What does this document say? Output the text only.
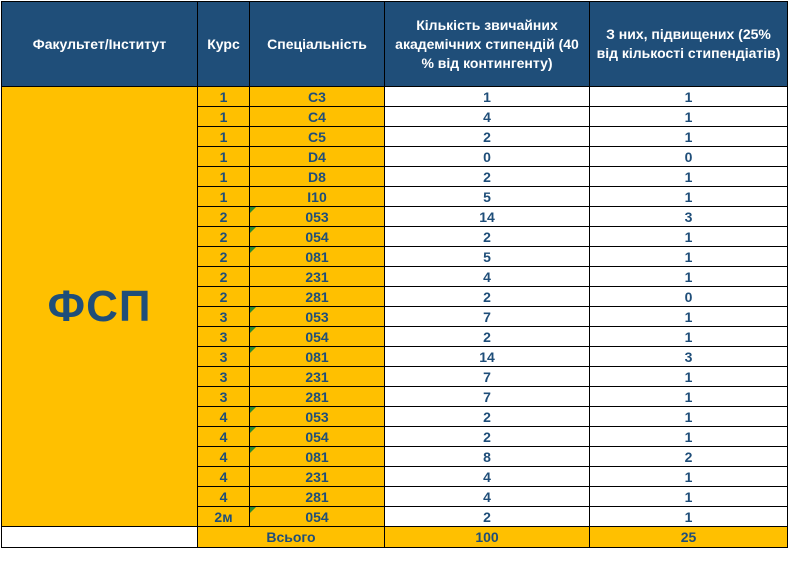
Факультет/Інститут	Курс	Спеціальність	Кількість звичайних академічних стипендій (40 % від контингенту)	З них, підвищених (25% від кількості стипендіатів)
ФСП	1	C3	1	1
	1	C4	4	1
	1	C5	2	1
	1	D4	0	0
	1	D8	2	1
	1	I10	5	1
	2	053	14	3
	2	054	2	1
	2	081	5	1
	2	231	4	1
	2	281	2	0
	3	053	7	1
	3	054	2	1
	3	081	14	3
	3	231	7	1
	3	281	7	1
	4	053	2	1
	4	054	2	1
	4	081	8	2
	4	231	4	1
	4	281	4	1
	2м	054	2	1
	Всього		100	25
